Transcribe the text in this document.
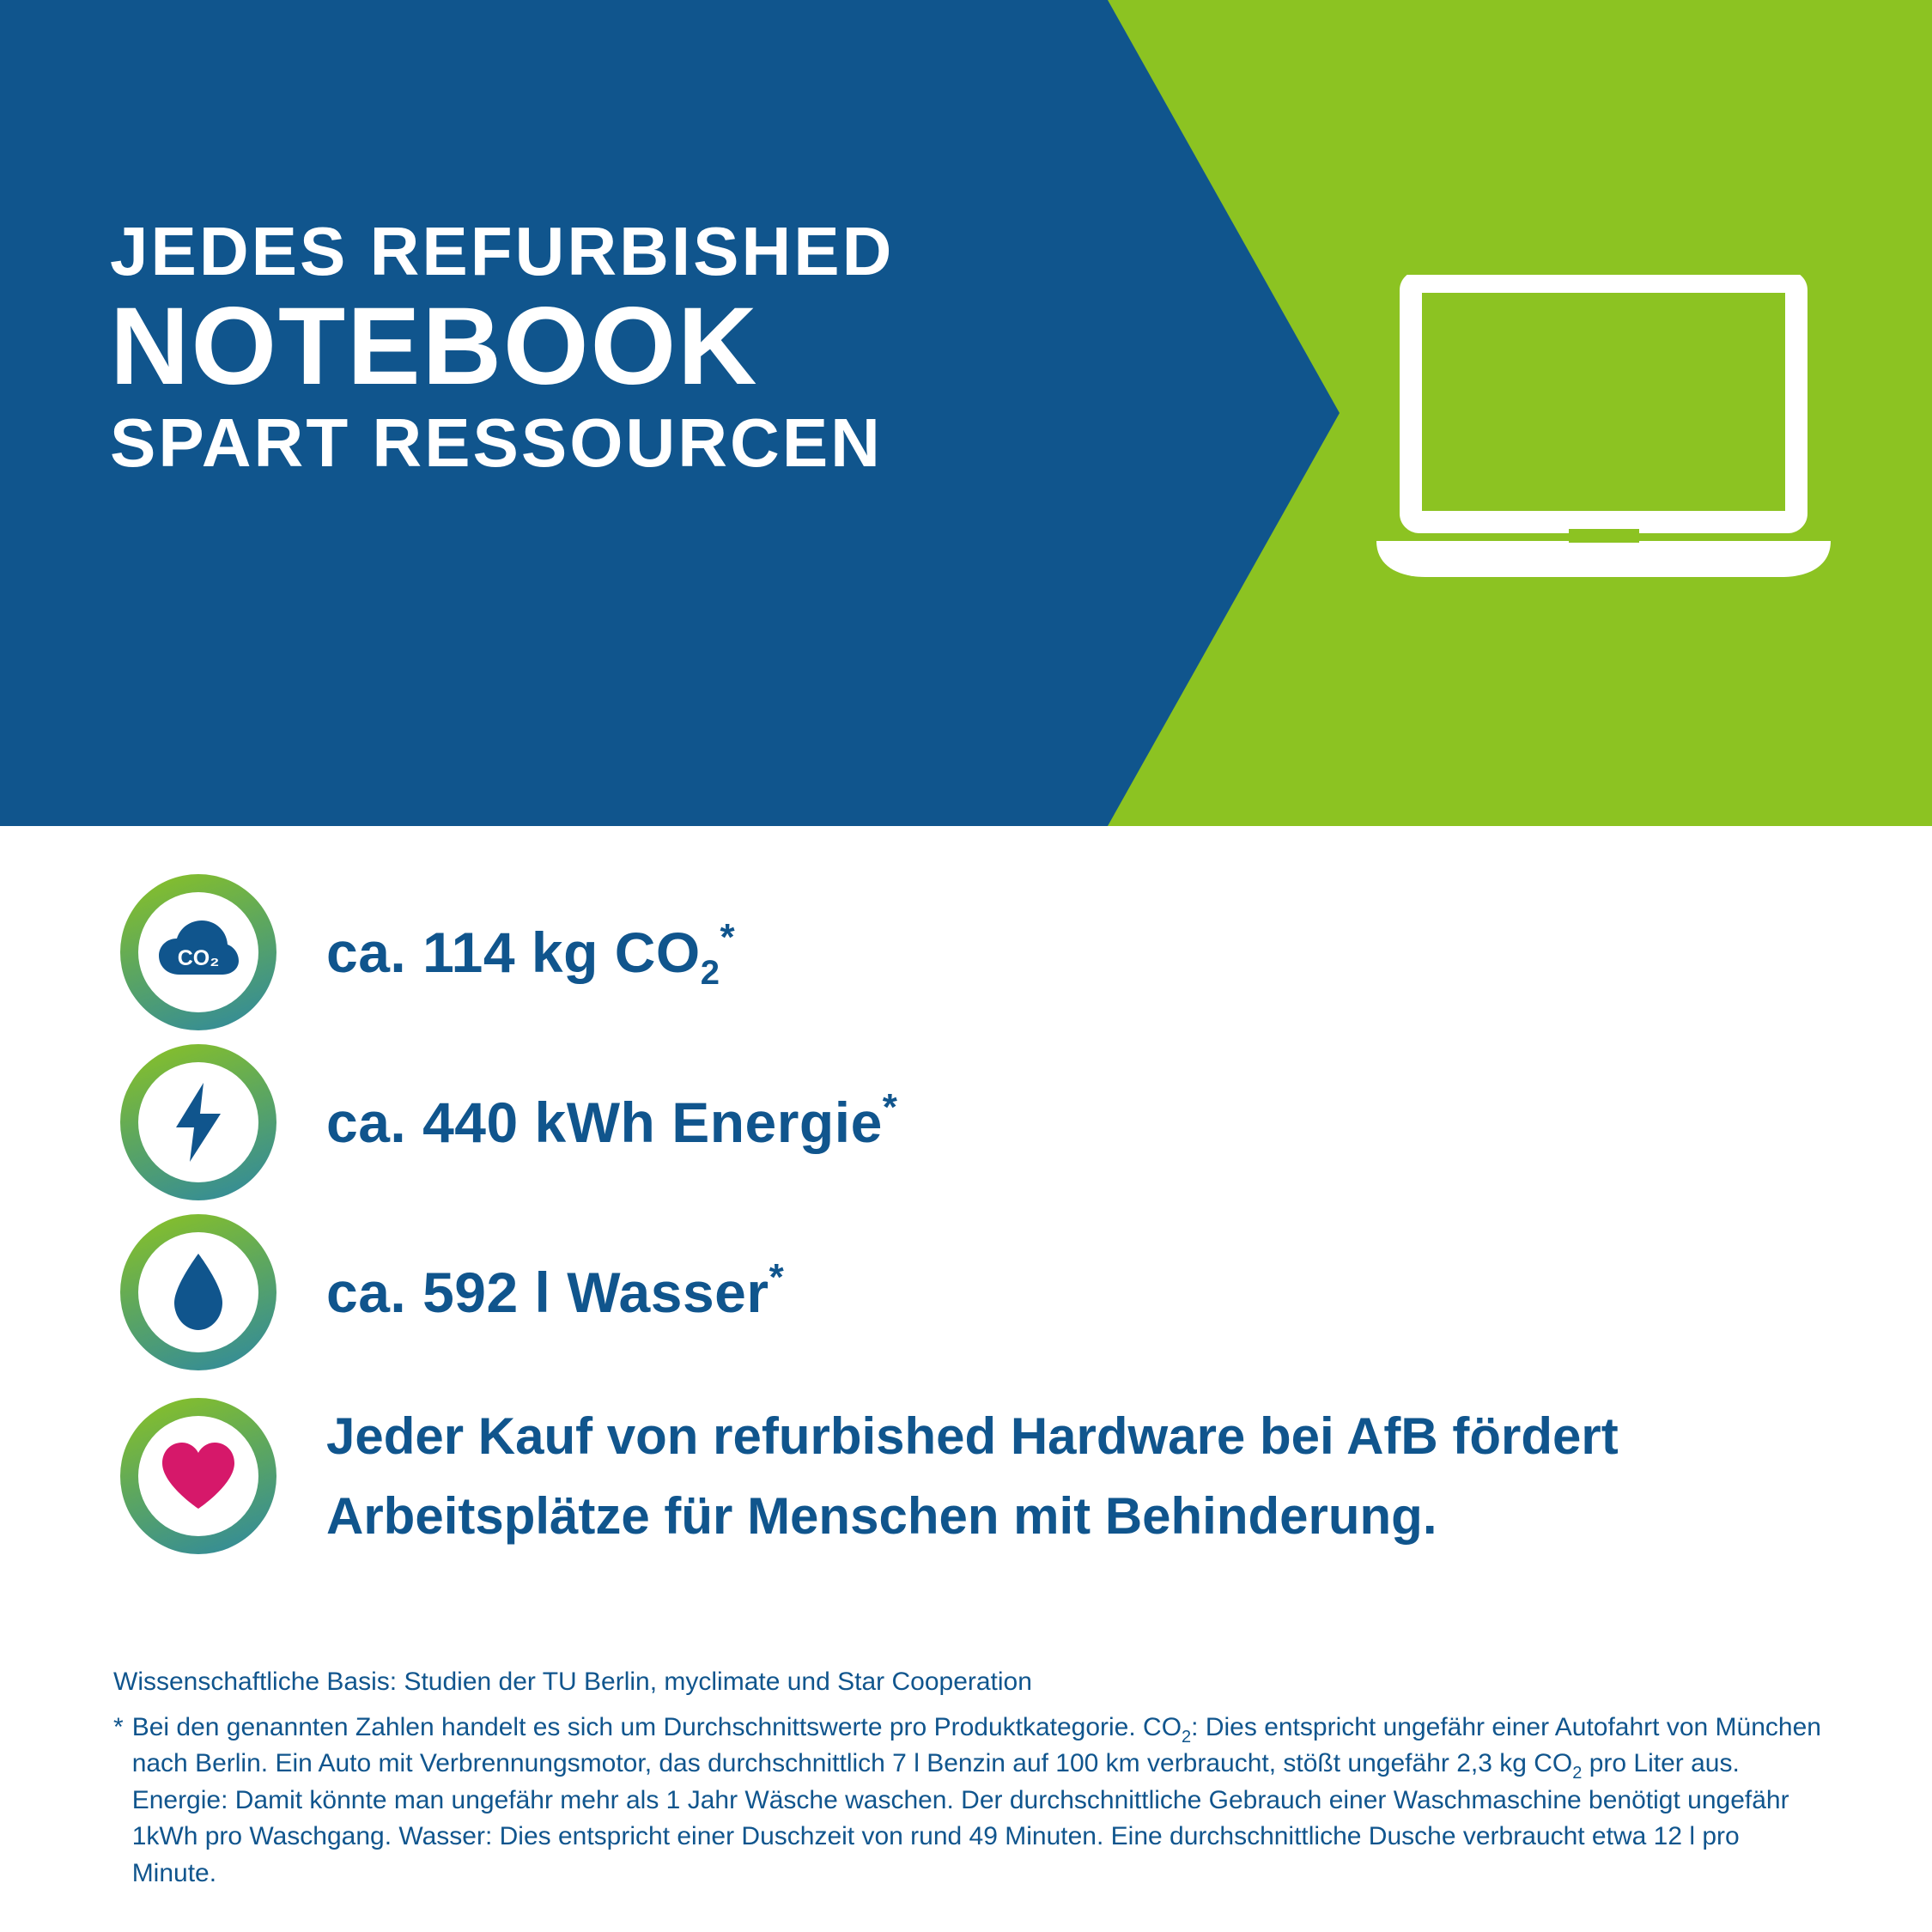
JEDES REFURBISHED
NOTEBOOK
SPART RESSOURCEN
CO₂ ca. 114 kg $CO_2^*$
ca. 440 kWh Energie*
ca. 592 l Wasser*
Jeder Kauf von refurbished Hardware bei AfB fördert Arbeitsplätze für Menschen mit Behinderung.
Wissenschaftliche Basis: Studien der TU Berlin, myclimate und Star Cooperation
* Bei den genannten Zahlen handelt es sich um Durchschnittswerte pro Produktkategorie. $CO_2$: Dies entspricht ungefähr einer Autofahrt von München nach Berlin. Ein Auto mit Verbrennungsmotor, das durchschnittlich 7 l Benzin auf 100 km verbraucht, stößt ungefähr 2,3 kg $CO_2$ pro Liter aus. Energie: Damit könnte man ungefähr mehr als 1 Jahr Wäsche waschen. Der durchschnittliche Gebrauch einer Waschmaschine benötigt ungefähr 1kWh pro Waschgang. Wasser: Dies entspricht einer Duschzeit von rund 49 Minuten. Eine durchschnittliche Dusche verbraucht etwa 12 l pro Minute.
